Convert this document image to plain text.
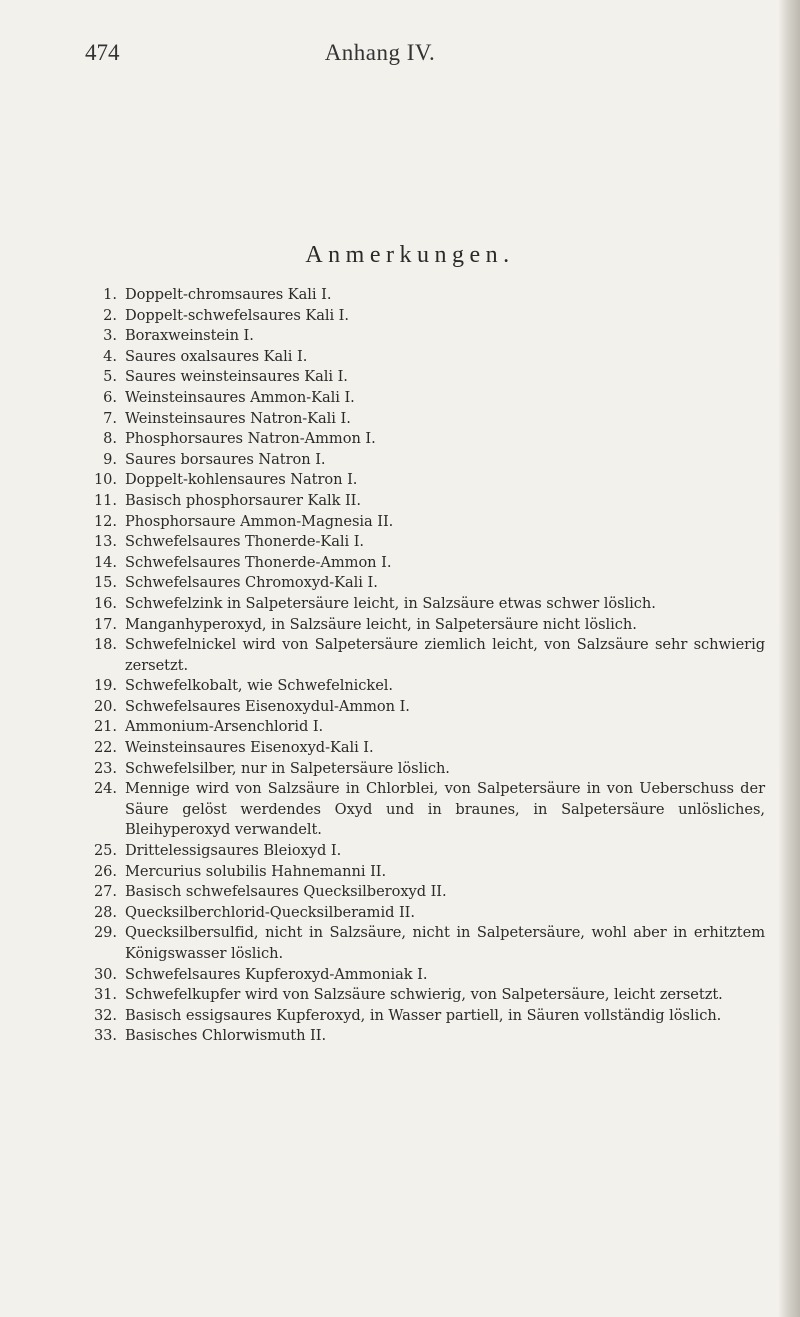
474	Anhang IV.
Anmerkungen.
1. Doppelt-chromsaures Kali I.
2. Doppelt-schwefelsaures Kali I.
3. Boraxweinstein I.
4. Saures oxalsaures Kali I.
5. Saures weinsteinsaures Kali I.
6. Weinsteinsaures Ammon-Kali I.
7. Weinsteinsaures Natron-Kali I.
8. Phosphorsaures Natron-Ammon I.
9. Saures borsaures Natron I.
10. Doppelt-kohlensaures Natron I.
11. Basisch phosphorsaurer Kalk II.
12. Phosphorsaure Ammon-Magnesia II.
13. Schwefelsaures Thonerde-Kali I.
14. Schwefelsaures Thonerde-Ammon I.
15. Schwefelsaures Chromoxyd-Kali I.
16. Schwefelzink in Salpetersäure leicht, in Salzsäure etwas schwer löslich.
17. Manganhyperoxyd, in Salzsäure leicht, in Salpetersäure nicht löslich.
18. Schwefelnickel wird von Salpetersäure ziemlich leicht, von Salzsäure sehr schwierig zersetzt.
19. Schwefelkobalt, wie Schwefelnickel.
20. Schwefelsaures Eisenoxydul-Ammon I.
21. Ammonium-Arsenchlorid I.
22. Weinsteinsaures Eisenoxyd-Kali I.
23. Schwefelsilber, nur in Salpetersäure löslich.
24. Mennige wird von Salzsäure in Chlorblei, von Salpetersäure in von Ueberschuss der Säure gelöst werdendes Oxyd und in braunes, in Salpetersäure unlösliches, Bleihyperoxyd verwandelt.
25. Drittelessigsaures Bleioxyd I.
26. Mercurius solubilis Hahnemanni II.
27. Basisch schwefelsaures Quecksilberoxyd II.
28. Quecksilberchlorid-Quecksilberamid II.
29. Quecksilbersulfid, nicht in Salzsäure, nicht in Salpetersäure, wohl aber in erhitztem Königswasser löslich.
30. Schwefelsaures Kupferoxyd-Ammoniak I.
31. Schwefelkupfer wird von Salzsäure schwierig, von Salpetersäure, leicht zersetzt.
32. Basisch essigsaures Kupferoxyd, in Wasser partiell, in Säuren vollständig löslich.
33. Basisches Chlorwismuth II.
